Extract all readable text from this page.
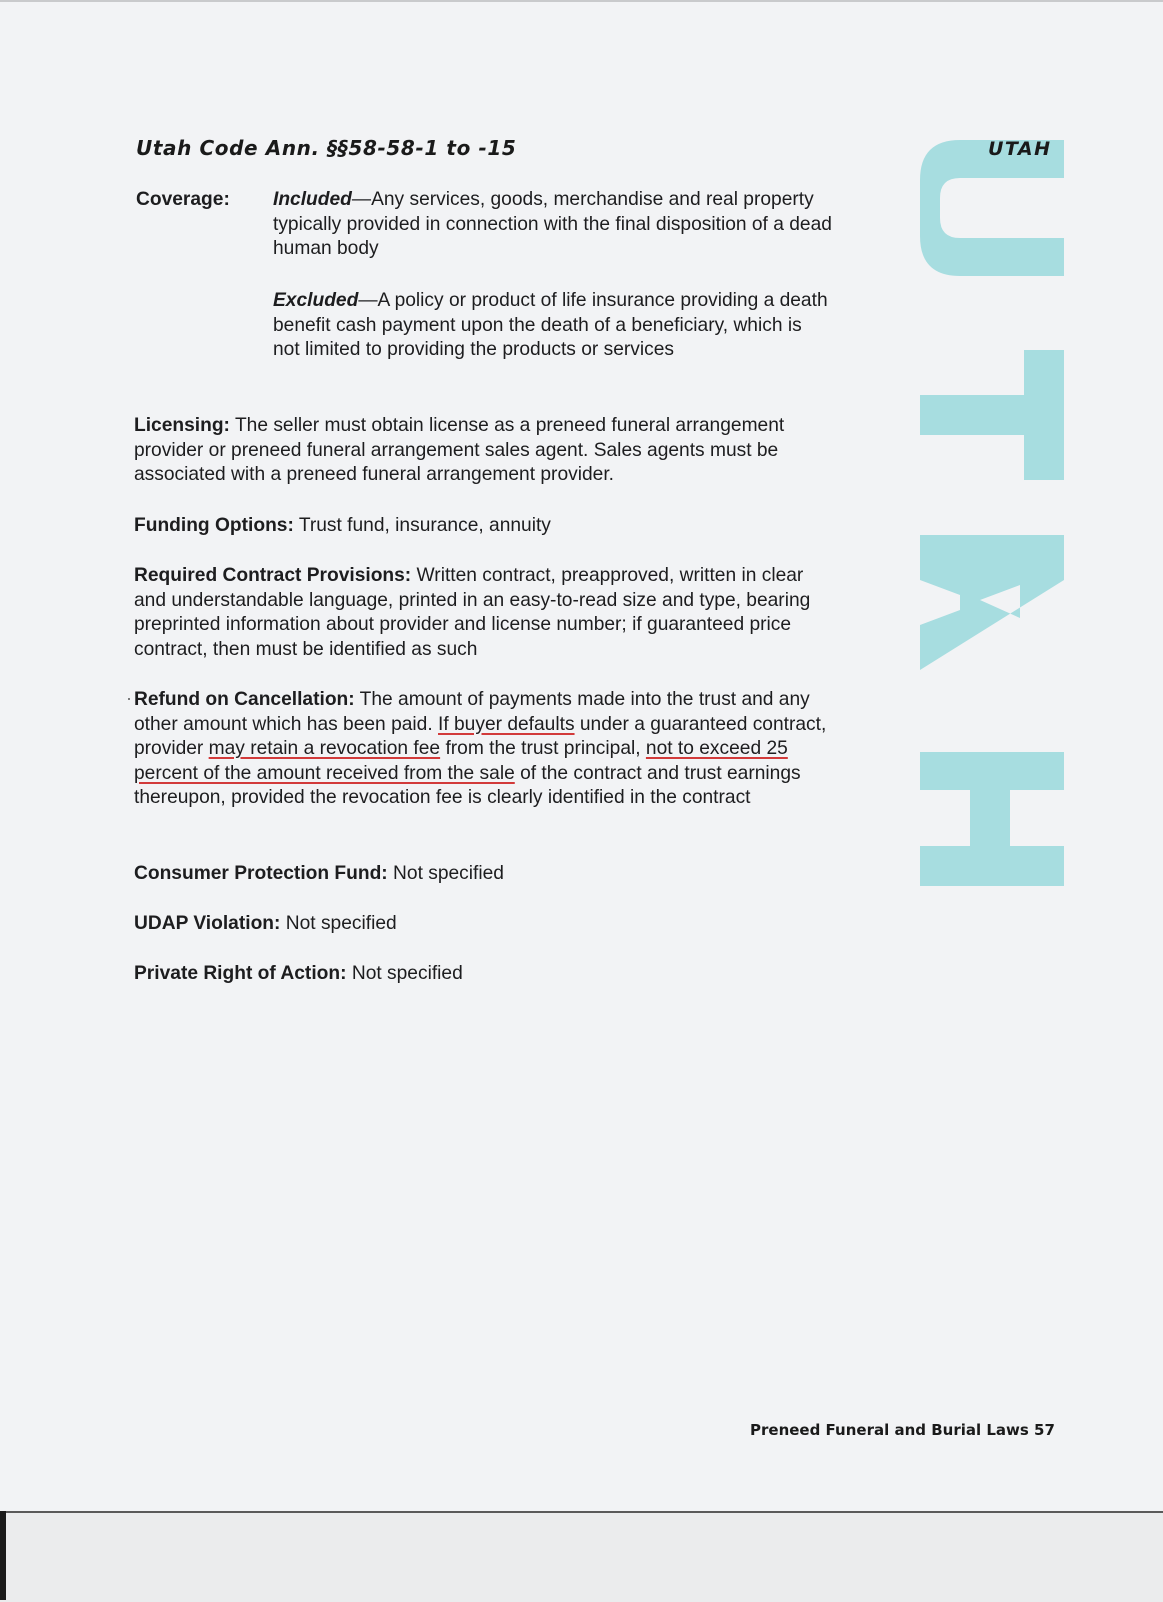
Utah Code Ann. §§58-58-1 to -15	UTAH
Coverage: Included—Any services, goods, merchandise and real property typically provided in connection with the final disposition of a dead human body
Excluded—A policy or product of life insurance providing a death benefit cash payment upon the death of a beneficiary, which is not limited to providing the products or services
Licensing: The seller must obtain license as a preneed funeral arrangement provider or preneed funeral arrangement sales agent. Sales agents must be associated with a preneed funeral arrangement provider.
Funding Options: Trust fund, insurance, annuity
Required Contract Provisions: Written contract, preapproved, written in clear and understandable language, printed in an easy-to-read size and type, bearing preprinted information about provider and license number; if guaranteed price contract, then must be identified as such
Refund on Cancellation: The amount of payments made into the trust and any other amount which has been paid. If buyer defaults under a guaranteed contract, provider may retain a revocation fee from the trust principal, not to exceed 25 percent of the amount received from the sale of the contract and trust earnings thereupon, provided the revocation fee is clearly identified in the contract
Consumer Protection Fund: Not specified
UDAP Violation: Not specified
Private Right of Action: Not specified
Preneed Funeral and Burial Laws 57
